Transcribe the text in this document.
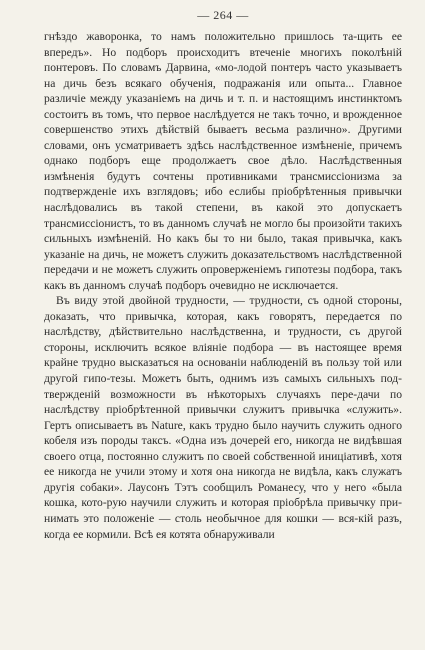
— 264 —

гнѣздо жаворонка, то намъ положительно пришлось та-щить ее впередъ». Но подборъ происходитъ втеченіе многихъ поколѣній понтеровъ. По словамъ Дарвина, «мо-лодой понтеръ часто указываетъ на дичь безъ всякаго обученія, подражанія или опыта... Главное различіе между указаніемъ на дичь и т. п. и настоящимъ инстинктомъ состоитъ въ томъ, что первое наслѣдуется не такъ точно, и врожденное совершенство этихъ дѣйствій бываетъ весьма различно». Другими словами, онъ усматриваетъ здѣсь наслѣдственное измѣненіе, причемъ однако подборъ еще продолжаетъ свое дѣло. Наслѣдственныя измѣненія будутъ сочтены противниками трансмиссіонизма за подтвержденіе ихъ взглядовъ; ибо еслибы пріобрѣтенныя привычки наслѣдовались въ такой степени, въ какой это допускаетъ трансмиссіонистъ, то въ данномъ случаѣ не могло бы произойти такихъ сильныхъ измѣненій. Но какъ бы то ни было, такая привычка, какъ указаніе на дичь, не можетъ служить доказательствомъ наслѣдственной передачи и не можетъ служить опроверженіемъ гипотезы подбора, такъ какъ въ данномъ случаѣ подборъ очевидно не исключается.

Въ виду этой двойной трудности, — трудности, съ одной стороны, доказать, что привычка, которая, какъ говорятъ, передается по наслѣдству, дѣйствительно наслѣдственна, и трудности, съ другой стороны, исключить всякое вліяніе подбора — въ настоящее время крайне трудно высказаться на основаніи наблюденій въ пользу той или другой гипо-тезы. Можетъ быть, однимъ изъ самыхъ сильныхъ под-твержденій возможности въ нѣкоторыхъ случаяхъ пере-дачи по наслѣдству пріобрѣтенной привычки служитъ привычка «служить». Гертъ описываетъ въ Nature, какъ трудно было научить служить одного кобеля изъ породы таксъ. «Одна изъ дочерей его, никогда не видѣвшая своего отца, постоянно служитъ по своей собственной иниціативѣ, хотя ее никогда не учили этому и хотя она никогда не видѣла, какъ служатъ другія собаки». Лаусонъ Тэтъ сообщилъ Романесу, что у него «была кошка, кото-рую научили служить и которая пріобрѣла привычку при-нимать это положеніе — столь необычное для кошки — вся-кій разъ, когда ее кормили. Всѣ ея котята обнаруживали
